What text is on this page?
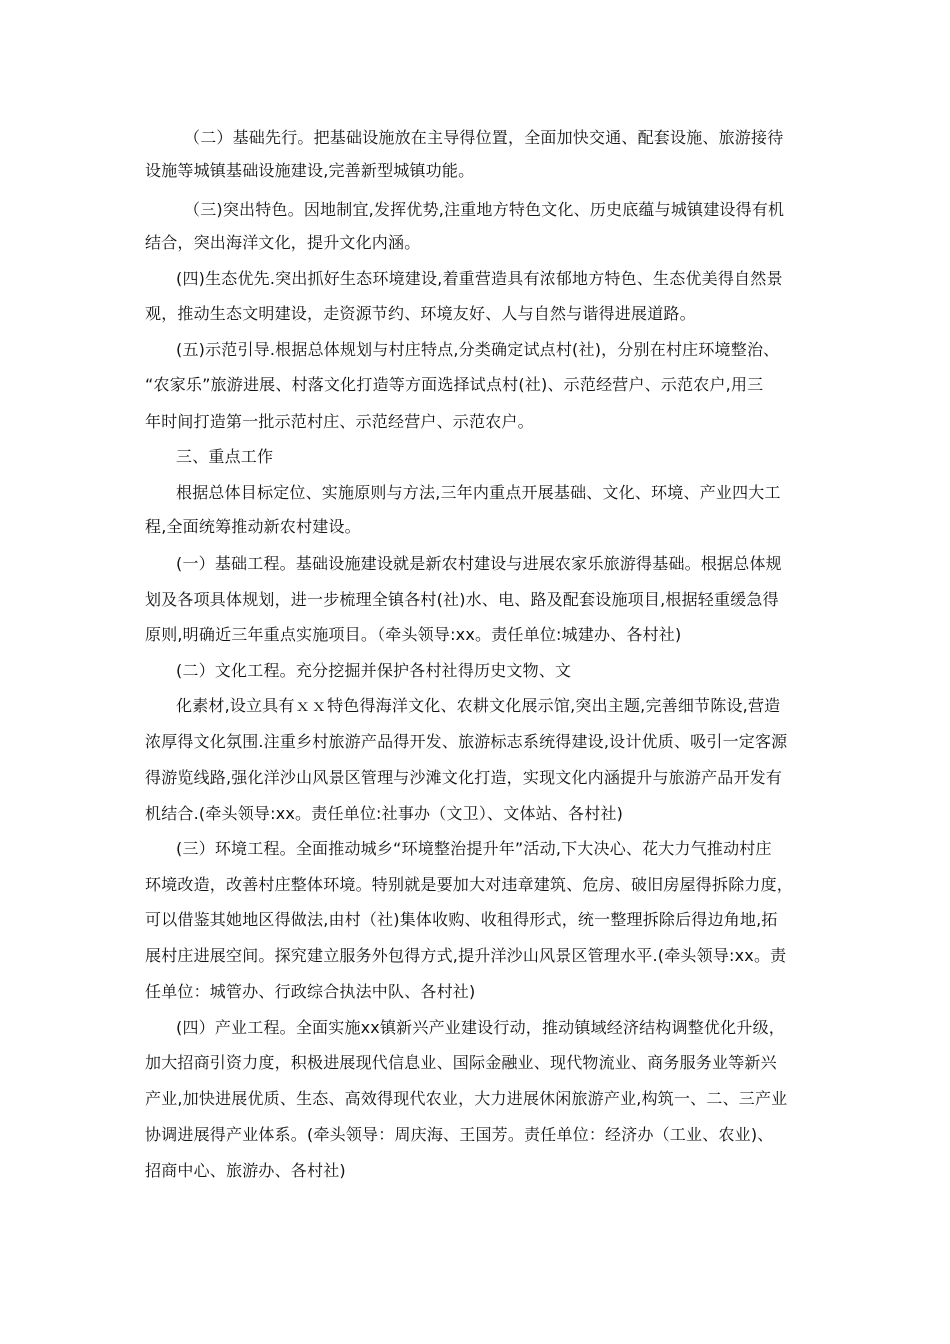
（二）基础先行。把基础设施放在主导得位置，全面加快交通、配套设施、旅游接待
设施等城镇基础设施建设,完善新型城镇功能。
（三)突出特色。因地制宜,发挥优势,注重地方特色文化、历史底蕴与城镇建设得有机
结合，突出海洋文化，提升文化内涵。
(四)生态优先.突出抓好生态环境建设,着重营造具有浓郁地方特色、生态优美得自然景
观，推动生态文明建设，走资源节约、环境友好、人与自然与谐得进展道路。
(五)示范引导.根据总体规划与村庄特点,分类确定试点村(社)，分别在村庄环境整治、
“农家乐”旅游进展、村落文化打造等方面选择试点村(社)、示范经营户、示范农户,用三
年时间打造第一批示范村庄、示范经营户、示范农户。
三、重点工作
根据总体目标定位、实施原则与方法,三年内重点开展基础、文化、环境、产业四大工
程,全面统筹推动新农村建设。
(一）基础工程。基础设施建设就是新农村建设与进展农家乐旅游得基础。根据总体规
划及各项具体规划，进一步梳理全镇各村(社)水、电、路及配套设施项目,根据轻重缓急得
原则,明确近三年重点实施项目。（牵头领导:xx。责任单位:城建办、各村社)
(二）文化工程。充分挖掘并保护各村社得历史文物、文
化素材,设立具有ｘｘ特色得海洋文化、农耕文化展示馆,突出主题,完善细节陈设,营造
浓厚得文化氛围.注重乡村旅游产品得开发、旅游标志系统得建设,设计优质、吸引一定客源
得游览线路,强化洋沙山风景区管理与沙滩文化打造，实现文化内涵提升与旅游产品开发有
机结合.(牵头领导:xx。责任单位:社事办（文卫）、文体站、各村社)
(三）环境工程。全面推动城乡“环境整治提升年”活动,下大决心、花大力气推动村庄
环境改造，改善村庄整体环境。特别就是要加大对违章建筑、危房、破旧房屋得拆除力度，
可以借鉴其她地区得做法,由村（社)集体收购、收租得形式，统一整理拆除后得边角地,拓
展村庄进展空间。探究建立服务外包得方式,提升洋沙山风景区管理水平.(牵头领导:xx。责
任单位：城管办、行政综合执法中队、各村社)
(四）产业工程。全面实施xx镇新兴产业建设行动，推动镇域经济结构调整优化升级，
加大招商引资力度，积极进展现代信息业、国际金融业、现代物流业、商务服务业等新兴
产业,加快进展优质、生态、高效得现代农业，大力进展休闲旅游产业,构筑一、二、三产业
协调进展得产业体系。(牵头领导：周庆海、王国芳。责任单位：经济办（工业、农业)、
招商中心、旅游办、各村社)
